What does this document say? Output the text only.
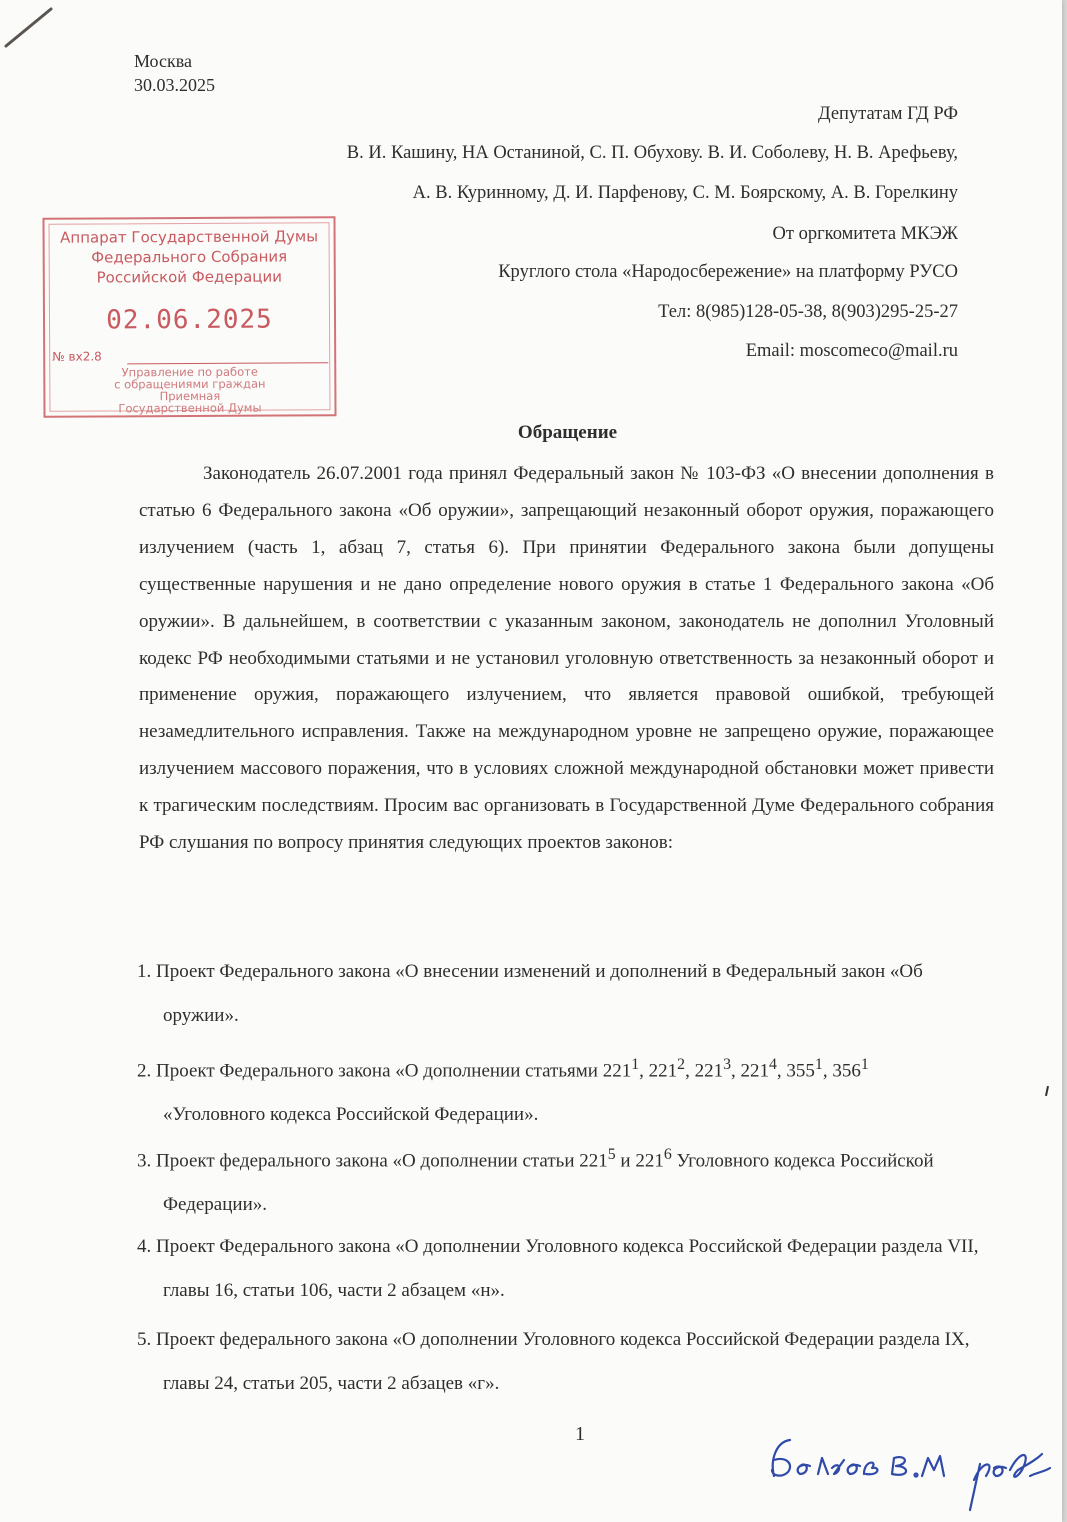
Москва
30.03.2025
Депутатам ГД РФ
В. И. Кашину, НА Останиной, С. П. Обухову. В. И. Соболеву, Н. В. Арефьеву,
А. В. Куринному, Д. И. Парфенову, С. М. Боярскому, А. В. Горелкину
От оргкомитета МКЭЖ
Круглого стола «Народосбережение» на платформу РУСО
Тел: 8(985)128-05-38, 8(903)295-25-27
Email: moscomeco@mail.ru
Аппарат Государственной Думы
Федерального Собрания
Российской Федерации
02.06.2025
№ вх2.8
Управление по работе
с обращениями граждан
Приемная
Государственной Думы
Обращение
Законодатель 26.07.2001 года принял Федеральный закон № 103-ФЗ «О внесении дополнения в статью 6 Федерального закона «Об оружии», запрещающий незаконный оборот оружия, поражающего излучением (часть 1, абзац 7, статья 6). При принятии Федерального закона были допущены существенные нарушения и не дано определение нового оружия в статье 1 Федерального закона «Об оружии». В дальнейшем, в соответствии с указанным законом, законодатель не дополнил Уголовный кодекс РФ необходимыми статьями и не установил уголовную ответственность за незаконный оборот и применение оружия, поражающего излучением, что является правовой ошибкой, требующей незамедлительного исправления. Также на международном уровне не запрещено оружие, поражающее излучением массового поражения, что в условиях сложной международной обстановки может привести к трагическим последствиям. Просим вас организовать в Государственной Думе Федерального собрания РФ слушания по вопросу принятия следующих проектов законов:
1. Проект Федерального закона «О внесении изменений и дополнений в Федеральный закон «Об оружии».
2. Проект Федерального закона «О дополнении статьями $221^1$, $221^2$, $221^3$, $221^4$, $355^1$, $356^1$
«Уголовного кодекса Российской Федерации».
3. Проект федерального закона «О дополнении статьи $221^5$ и $221^6$ Уголовного кодекса Российской Федерации».
4. Проект Федерального закона «О дополнении Уголовного кодекса Российской Федерации раздела VII, главы 16, статьи 106, части 2 абзацем «н».
5. Проект федерального закона «О дополнении Уголовного кодекса Российской Федерации раздела IX, главы 24, статьи 205, части 2 абзацев «г».
1
